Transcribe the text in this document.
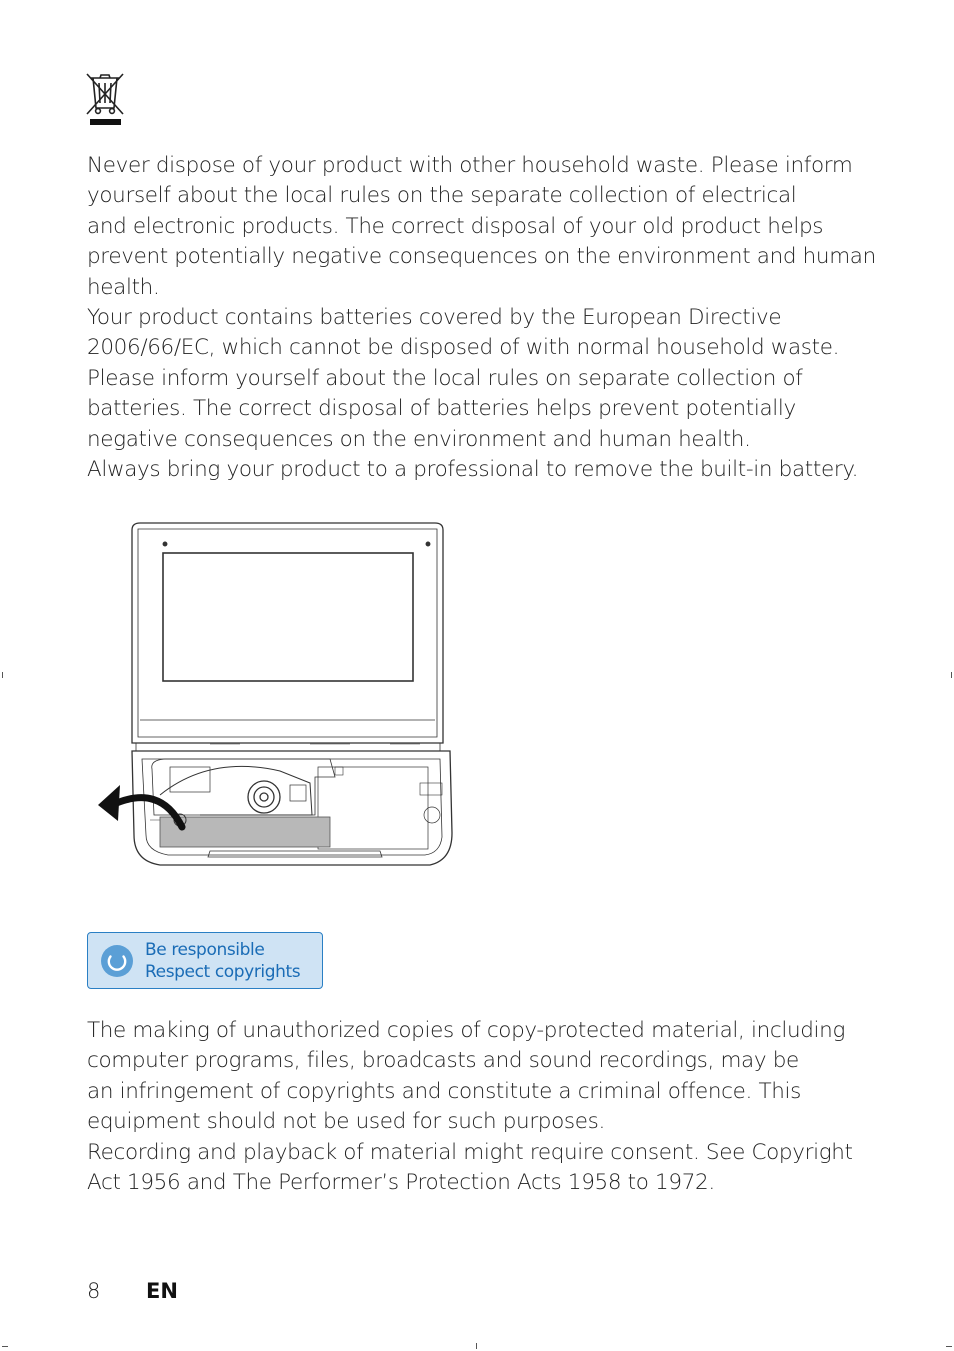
Never dispose of your product with other household waste. Please inform
yourself about the local rules on the separate collection of electrical
and electronic products. The correct disposal of your old product helps
prevent potentially negative consequences on the environment and human
health.
Your product contains batteries covered by the European Directive
2006/66/EC, which cannot be disposed of with normal household waste.
Please inform yourself about the local rules on separate collection of
batteries. The correct disposal of batteries helps prevent potentially
negative consequences on the environment and human health.
Always bring your product to a professional to remove the built-in battery.
Be responsible
Respect copyrights
The making of unauthorized copies of copy-protected material, including
computer programs, files, broadcasts and sound recordings, may be
an infringement of copyrights and constitute a criminal offence. This
equipment should not be used for such purposes.
Recording and playback of material might require consent. See Copyright
Act 1956 and The Performer’s Protection Acts 1958 to 1972.
8 EN
